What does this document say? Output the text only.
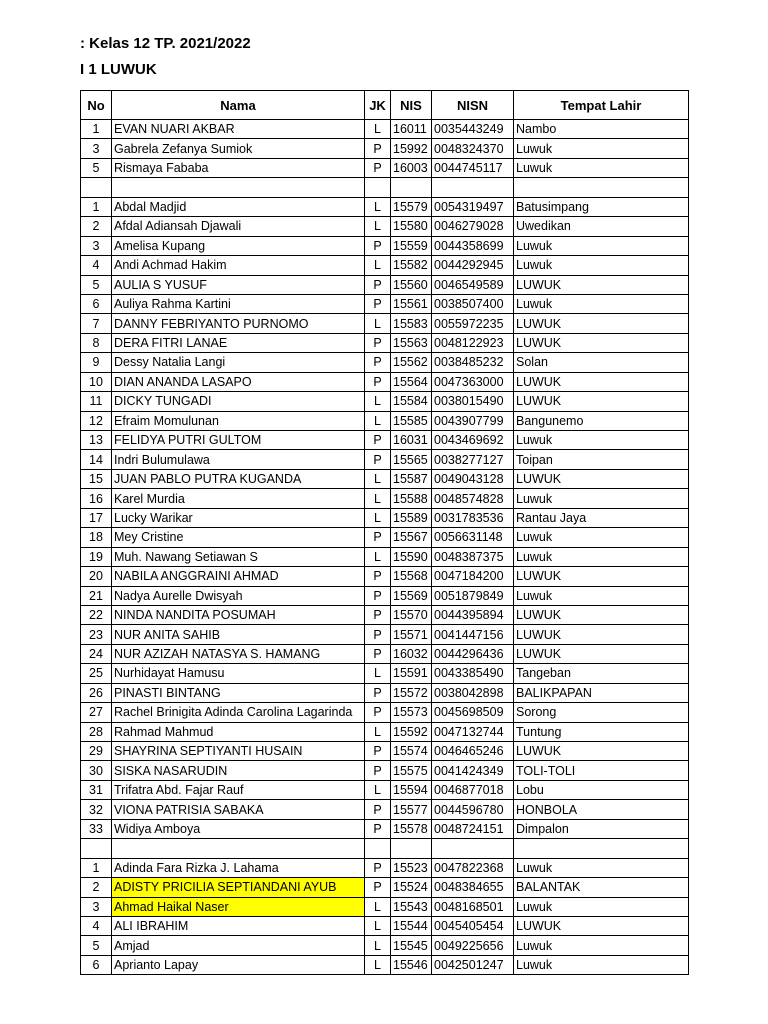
: Kelas 12 TP. 2021/2022
I 1 LUWUK
No	Nama	JK	NIS	NISN	Tempat Lahir
1	EVAN NUARI AKBAR	L	16011	0035443249	Nambo
3	Gabrela Zefanya Sumiok	P	15992	0048324370	Luwuk
5	Rismaya Fababa	P	16003	0044745117	Luwuk

1	Abdal Madjid	L	15579	0054319497	Batusimpang
2	Afdal Adiansah Djawali	L	15580	0046279028	Uwedikan
3	Amelisa Kupang	P	15559	0044358699	Luwuk
4	Andi Achmad Hakim	L	15582	0044292945	Luwuk
5	AULIA S YUSUF	P	15560	0046549589	LUWUK
6	Auliya Rahma Kartini	P	15561	0038507400	Luwuk
7	DANNY FEBRIYANTO PURNOMO	L	15583	0055972235	LUWUK
8	DERA FITRI LANAE	P	15563	0048122923	LUWUK
9	Dessy Natalia Langi	P	15562	0038485232	Solan
10	DIAN ANANDA LASAPO	P	15564	0047363000	LUWUK
11	DICKY TUNGADI	L	15584	0038015490	LUWUK
12	Efraim Momulunan	L	15585	0043907799	Bangunemo
13	FELIDYA PUTRI GULTOM	P	16031	0043469692	Luwuk
14	Indri Bulumulawa	P	15565	0038277127	Toipan
15	JUAN PABLO PUTRA KUGANDA	L	15587	0049043128	LUWUK
16	Karel Murdia	L	15588	0048574828	Luwuk
17	Lucky Warikar	L	15589	0031783536	Rantau Jaya
18	Mey Cristine	P	15567	0056631148	Luwuk
19	Muh. Nawang Setiawan S	L	15590	0048387375	Luwuk
20	NABILA ANGGRAINI AHMAD	P	15568	0047184200	LUWUK
21	Nadya Aurelle Dwisyah	P	15569	0051879849	Luwuk
22	NINDA NANDITA POSUMAH	P	15570	0044395894	LUWUK
23	NUR ANITA SAHIB	P	15571	0041447156	LUWUK
24	NUR AZIZAH NATASYA S. HAMANG	P	16032	0044296436	LUWUK
25	Nurhidayat Hamusu	L	15591	0043385490	Tangeban
26	PINASTI BINTANG	P	15572	0038042898	BALIKPAPAN
27	Rachel Brinigita Adinda Carolina Lagarinda	P	15573	0045698509	Sorong
28	Rahmad Mahmud	L	15592	0047132744	Tuntung
29	SHAYRINA SEPTIYANTI HUSAIN	P	15574	0046465246	LUWUK
30	SISKA NASARUDIN	P	15575	0041424349	TOLI-TOLI
31	Trifatra Abd. Fajar Rauf	L	15594	0046877018	Lobu
32	VIONA PATRISIA SABAKA	P	15577	0044596780	HONBOLA
33	Widiya Amboya	P	15578	0048724151	Dimpalon

1	Adinda Fara Rizka J. Lahama	P	15523	0047822368	Luwuk
2	ADISTY PRICILIA SEPTIANDANI AYUB	P	15524	0048384655	BALANTAK
3	Ahmad Haikal Naser	L	15543	0048168501	Luwuk
4	ALI IBRAHIM	L	15544	0045405454	LUWUK
5	Amjad	L	15545	0049225656	Luwuk
6	Aprianto Lapay	L	15546	0042501247	Luwuk
